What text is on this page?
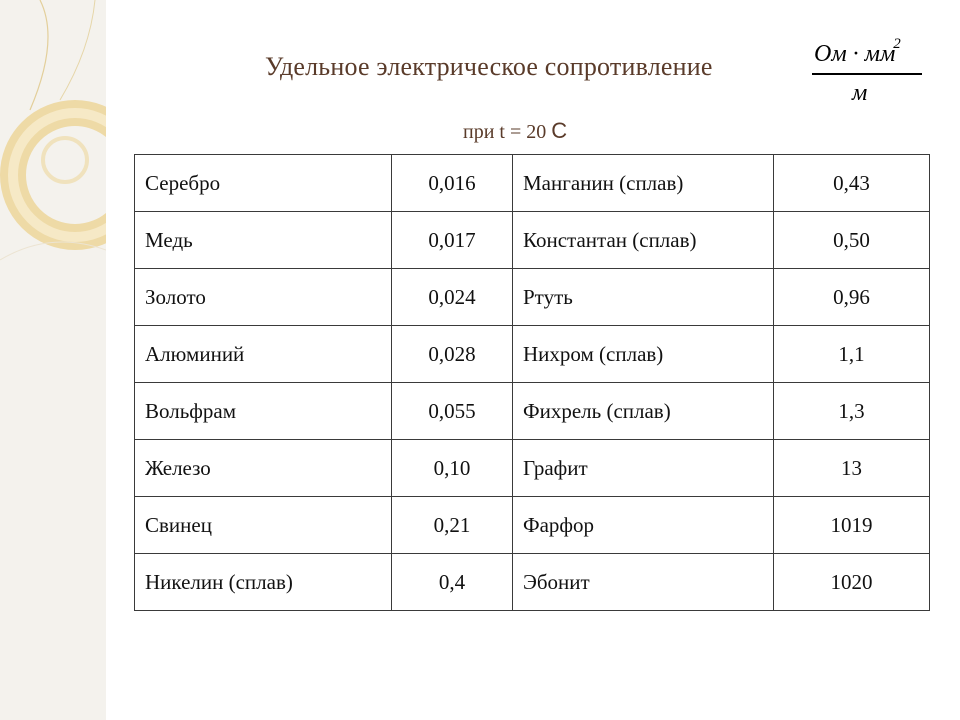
Удельное электрическое сопротивление	Ом · $мм^2$
м
при t = 20 С
Серебро	0,016	Манганин (сплав)	0,43
Медь	0,017	Константан (сплав)	0,50
Золото	0,024	Ртуть	0,96
Алюминий	0,028	Нихром (сплав)	1,1
Вольфрам	0,055	Фихрель (сплав)	1,3
Железо	0,10	Графит	13
Свинец	0,21	Фарфор	1019
Никелин (сплав)	0,4	Эбонит	1020
